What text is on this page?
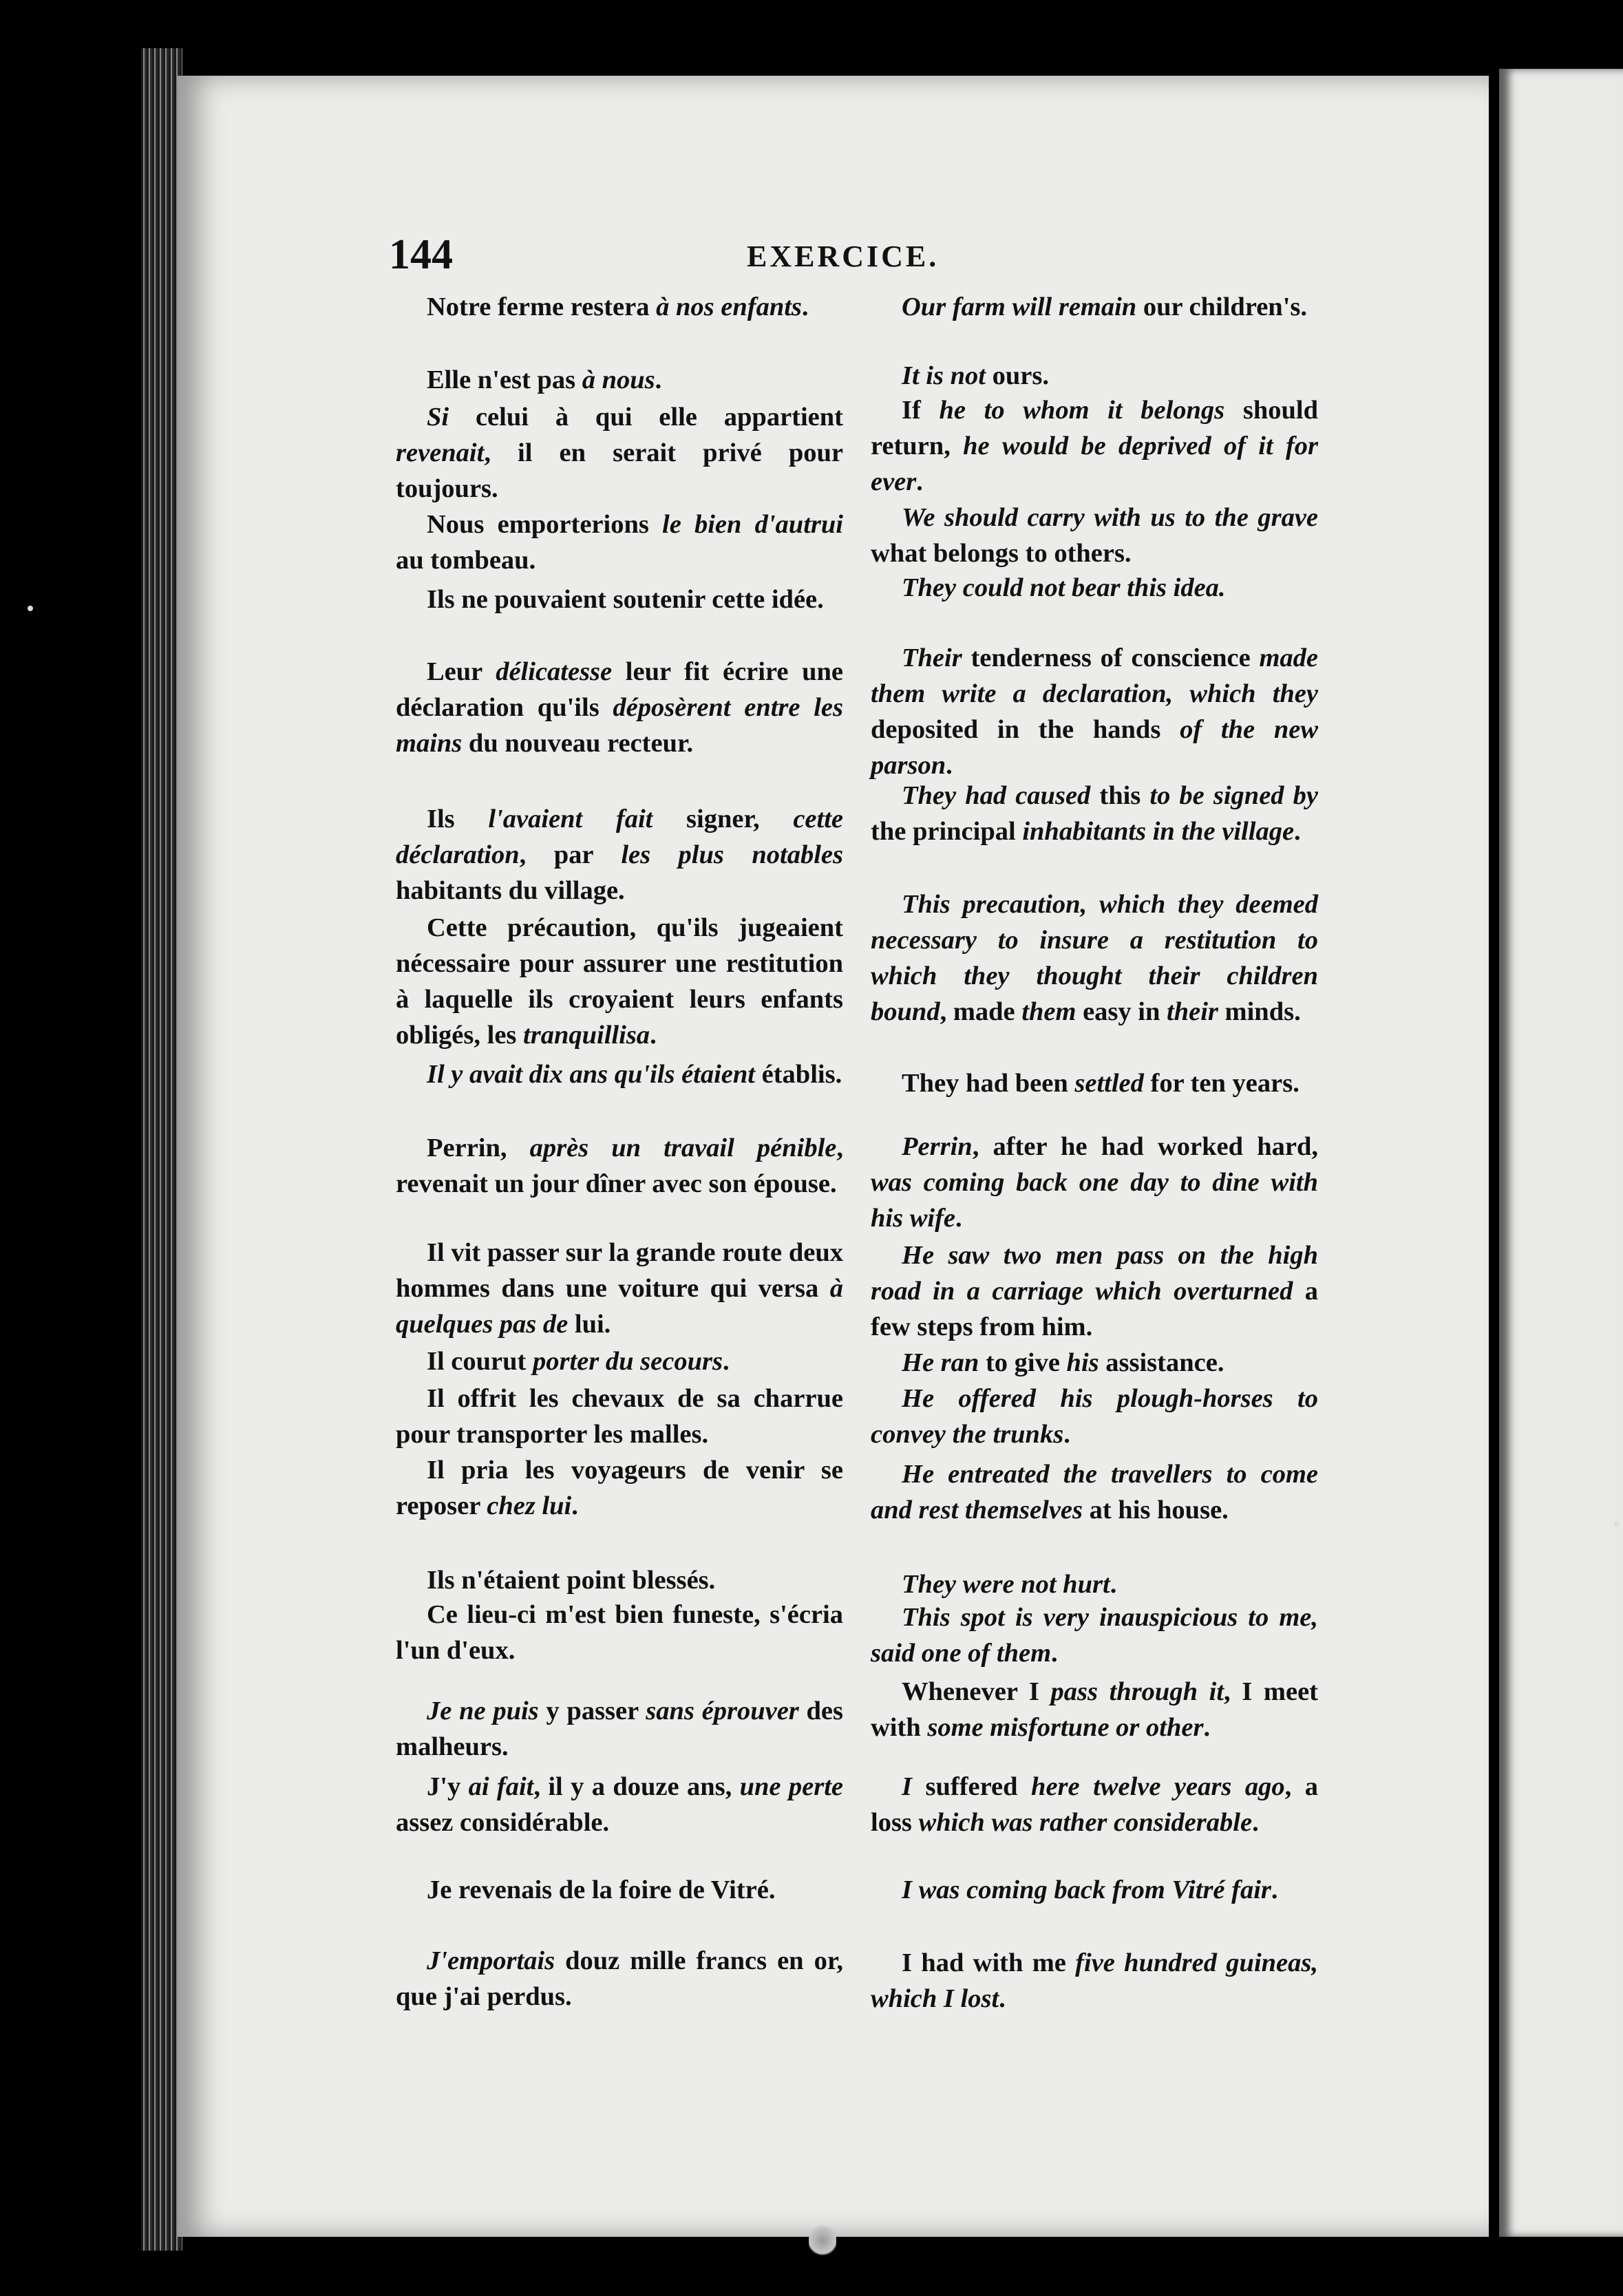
144	EXERCICE.

Notre ferme restera à nos enfants.

Elle n'est pas à nous.

Si celui à qui elle appartient revenait, il en serait privé pour toujours.

Nous emporterions le bien d'autrui au tombeau.

Ils ne pouvaient soutenir cette idée.

Leur délicatesse leur fit écrire une déclaration qu'ils déposèrent entre les mains du nouveau recteur.

Ils l'avaient fait signer, cette déclaration, par les plus notables habitants du village.

Cette précaution, qu'ils jugeaient nécessaire pour assurer une restitution à laquelle ils croyaient leurs enfants obligés, les tranquillisa.

Il y avait dix ans qu'ils étaient établis.

Perrin, après un travail pénible, revenait un jour dîner avec son épouse.

Il vit passer sur la grande route deux hommes dans une voiture qui versa à quelques pas de lui.

Il courut porter du secours.

Il offrit les chevaux de sa charrue pour transporter les malles.

Il pria les voyageurs de venir se reposer chez lui.

Ils n'étaient point blessés.

Ce lieu-ci m'est bien funeste, s'écria l'un d'eux.

Je ne puis y passer sans éprouver des malheurs.

J'y ai fait, il y a douze ans, une perte assez considérable.

Je revenais de la foire de Vitré.

J'emportais douz mille francs en or, que j'ai perdus.

Our farm will remain our children's.

It is not ours.

If he to whom it belongs should return, he would be deprived of it for ever.

We should carry with us to the grave what belongs to others.

They could not bear this idea.

Their tenderness of conscience made them write a declaration, which they deposited in the hands of the new parson.

They had caused this to be signed by the principal inhabitants in the village.

This precaution, which they deemed necessary to insure a restitution to which they thought their children bound, made them easy in their minds.

They had been settled for ten years.

Perrin, after he had worked hard, was coming back one day to dine with his wife.

He saw two men pass on the high road in a carriage which overturned a few steps from him.

He ran to give his assistance.

He offered his plough-horses to convey the trunks.

He entreated the travellers to come and rest themselves at his house.

They were not hurt.

This spot is very inauspicious to me, said one of them.

Whenever I pass through it, I meet with some misfortune or other.

I suffered here twelve years ago, a loss which was rather considerable.

I was coming back from Vitré fair.

I had with me five hundred guineas, which I lost.
